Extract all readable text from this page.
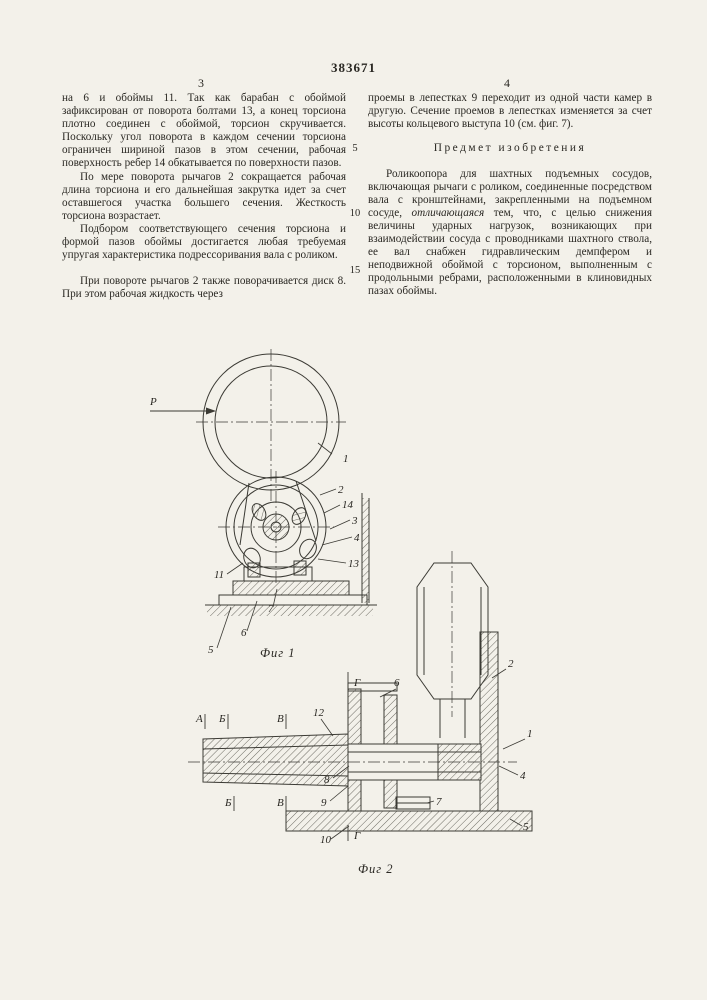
383671
3	4
5
10
15

на 6 и обоймы 11. Так как барабан с обоймой зафиксирован от поворота болтами 13, а конец торсиона плотно соединен с обоймой, торсион скручивается. Поскольку угол поворота в каждом сечении торсиона ограничен шириной пазов в этом сечении, рабочая поверхность ребер 14 обкатывается по поверхности пазов.

По мере поворота рычагов 2 сокращается рабочая длина торсиона и его дальнейшая закрутка идет за счет оставшегося участка большего сечения. Жесткость торсиона возрастает.

Подбором соответствующего сечения торсиона и формой пазов обоймы достигается любая требуемая упругая характеристика подрессоривания вала с роликом.

При повороте рычагов 2 также поворачивается диск 8. При этом рабочая жидкость через

проемы в лепестках 9 переходит из одной части камер в другую. Сечение проемов в лепестках изменяется за счет высоты кольцевого выступа 10 (см. фиг. 7).

Предмет изобретения

Роликоопора для шахтных подъемных сосудов, включающая рычаги с роликом, соединенные посредством вала с кронштейнами, закрепленными на подъемном сосуде, отличающаяся тем, что, с целью снижения величины ударных нагрузок, возникающих при взаимодействии сосуда с проводниками шахтного ствола, ее вал снабжен гидравлическим демпфером и неподвижной обоймой с торсионом, выполненным с продольными ребрами, расположенными в клиновидных пазах обоймы.

Р
1
2
14
3
4
13
11
7
6
5	Фиг 1
Г
А Б	В	12
6
2
1
4
8
9	7
Б	В
Г
10
5
Фиг 2
